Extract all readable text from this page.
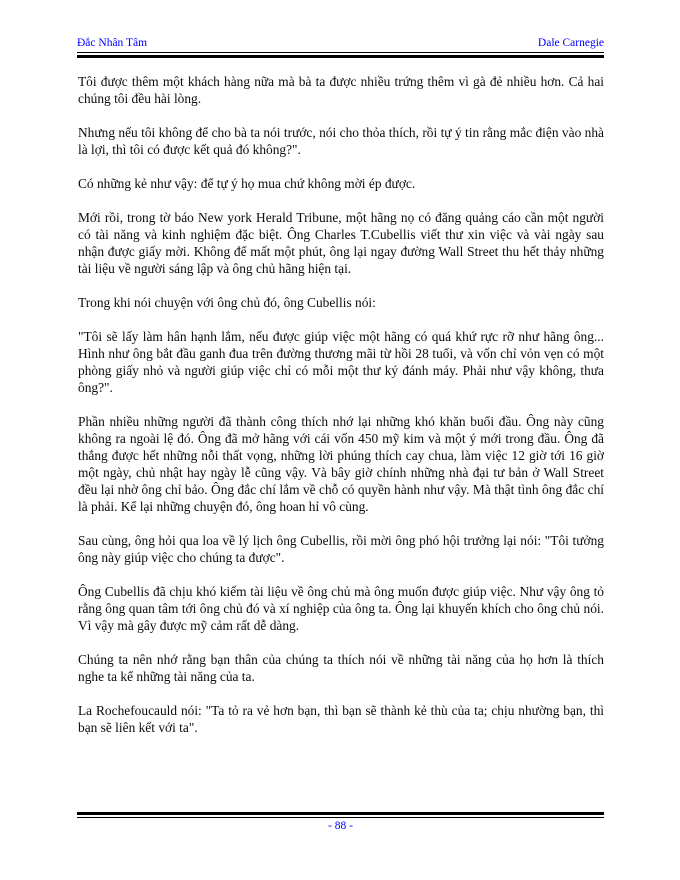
Đắc Nhân Tâm	Dale Carnegie

Tôi được thêm một khách hàng nữa mà bà ta được nhiều trứng thêm vì gà đẻ nhiều hơn. Cả hai chúng tôi đều hài lòng.

Nhưng nếu tôi không để cho bà ta nói trước, nói cho thỏa thích, rồi tự ý tin rằng mắc điện vào nhà là lợi, thì tôi có được kết quả đó không?".

Có những kẻ như vậy: để tự ý họ mua chứ không mời ép được.

Mới rồi, trong tờ báo New york Herald Tribune, một hãng nọ có đăng quảng cáo cần một người có tài năng và kinh nghiệm đặc biệt. Ông Charles T.Cubellis viết thư xin việc và vài ngày sau nhận được giấy mời. Không để mất một phút, ông lại ngay đường Wall Street thu hết thảy những tài liệu về người sáng lập và ông chủ hãng hiện tại.

Trong khi nói chuyện với ông chủ đó, ông Cubellis nói:

"Tôi sẽ lấy làm hân hạnh lắm, nếu được giúp việc một hãng có quá khứ rực rỡ như hãng ông... Hình như ông bắt đầu ganh đua trên đường thương mãi từ hồi 28 tuổi, và vốn chỉ vỏn vẹn có một phòng giấy nhỏ và người giúp việc chỉ có mỗi một thư ký đánh máy. Phải như vậy không, thưa ông?".

Phần nhiều những người đã thành công thích nhớ lại những khó khăn buổi đầu. Ông này cũng không ra ngoài lệ đó. Ông đã mở hãng với cái vốn 450 mỹ kim và một ý mới trong đầu. Ông đã thắng được hết những nỗi thất vọng, những lời phúng thích cay chua, làm việc 12 giờ tới 16 giờ một ngày, chủ nhật hay ngày lễ cũng vậy. Và bây giờ chính những nhà đại tư bản ở Wall Street đều lại nhờ ông chỉ bảo. Ông đắc chí lắm về chỗ có quyền hành như vậy. Mà thật tình ông đắc chí là phải. Kể lại những chuyện đó, ông hoan hỉ vô cùng.

Sau cùng, ông hỏi qua loa về lý lịch ông Cubellis, rồi mời ông phó hội trưởng lại nói: "Tôi tưởng ông này giúp việc cho chúng ta được".

Ông Cubellis đã chịu khó kiếm tài liệu về ông chủ mà ông muốn được giúp việc. Như vậy ông tỏ rằng ông quan tâm tới ông chủ đó và xí nghiệp của ông ta. Ông lại khuyến khích cho ông chủ nói. Vì vậy mà gây được mỹ cảm rất dễ dàng.

Chúng ta nên nhớ rằng bạn thân của chúng ta thích nói về những tài năng của họ hơn là thích nghe ta kể những tài năng của ta.

La Rochefoucauld nói: "Ta tỏ ra vẻ hơn bạn, thì bạn sẽ thành kẻ thù của ta; chịu nhường bạn, thì bạn sẽ liên kết với ta".

- 88 -
